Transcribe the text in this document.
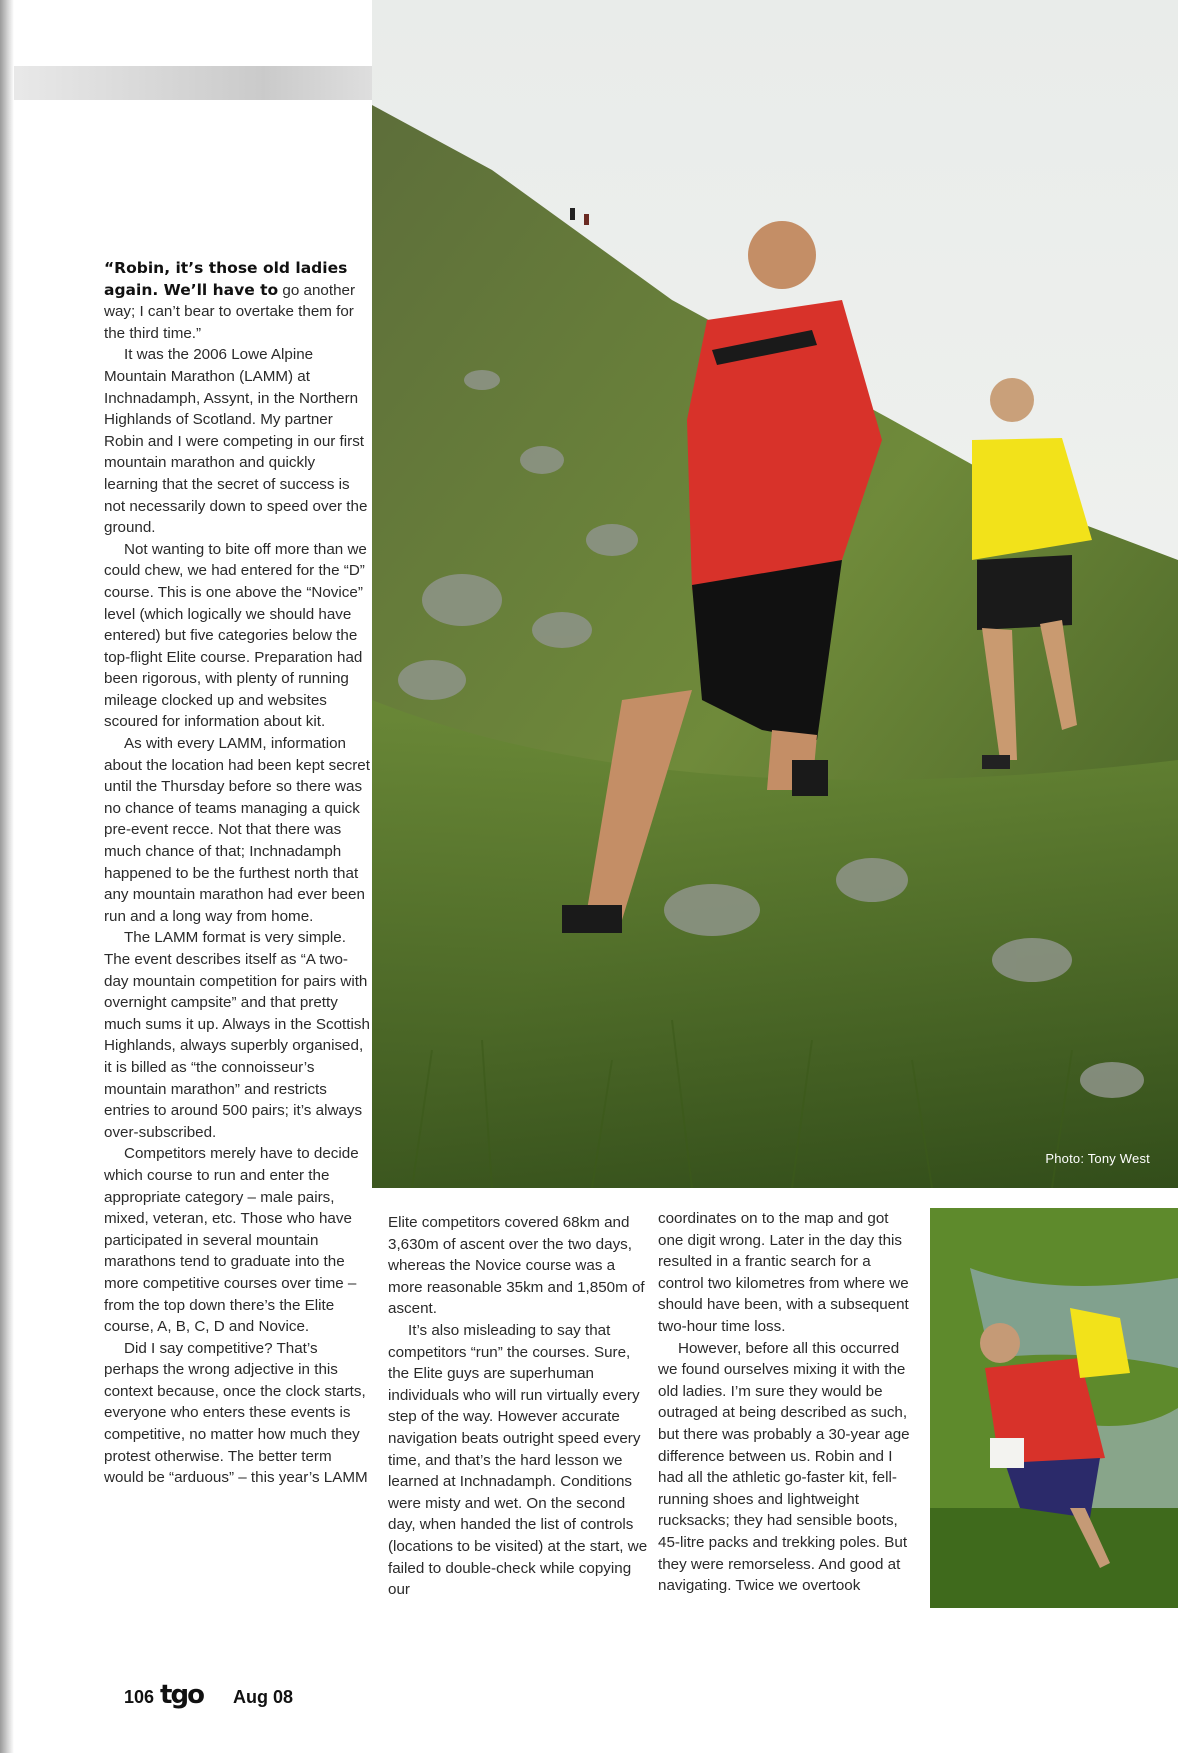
Photo: Tony West

“Robin, it’s those old ladies again. We’ll have to go another way; I can’t bear to overtake them for the third time.”

It was the 2006 Lowe Alpine Mountain Marathon (LAMM) at Inchnadamph, Assynt, in the Northern Highlands of Scotland. My partner Robin and I were competing in our first mountain marathon and quickly learning that the secret of success is not necessarily down to speed over the ground.

Not wanting to bite off more than we could chew, we had entered for the “D” course. This is one above the “Novice” level (which logically we should have entered) but five categories below the top-flight Elite course. Preparation had been rigorous, with plenty of running mileage clocked up and websites scoured for information about kit.

As with every LAMM, information about the location had been kept secret until the Thursday before so there was no chance of teams managing a quick pre-event recce. Not that there was much chance of that; Inchnadamph happened to be the furthest north that any mountain marathon had ever been run and a long way from home.

The LAMM format is very simple. The event describes itself as “A two-day mountain competition for pairs with overnight campsite” and that pretty much sums it up. Always in the Scottish Highlands, always superbly organised, it is billed as “the connoisseur’s mountain marathon” and restricts entries to around 500 pairs; it’s always over-subscribed.

Competitors merely have to decide which course to run and enter the appropriate category – male pairs, mixed, veteran, etc. Those who have participated in several mountain marathons tend to graduate into the more competitive courses over time – from the top down there’s the Elite course, A, B, C, D and Novice.

Did I say competitive? That’s perhaps the wrong adjective in this context because, once the clock starts, everyone who enters these events is competitive, no matter how much they protest otherwise. The better term would be “arduous” – this year’s LAMM

Elite competitors covered 68km and 3,630m of ascent over the two days, whereas the Novice course was a more reasonable 35km and 1,850m of ascent.

It’s also misleading to say that competitors “run” the courses. Sure, the Elite guys are superhuman individuals who will run virtually every step of the way. However accurate navigation beats outright speed every time, and that’s the hard lesson we learned at Inchnadamph. Conditions were misty and wet. On the second day, when handed the list of controls (locations to be visited) at the start, we failed to double-check while copying our

coordinates on to the map and got one digit wrong. Later in the day this resulted in a frantic search for a control two kilometres from where we should have been, with a subsequent two-hour time loss.

However, before all this occurred we found ourselves mixing it with the old ladies. I’m sure they would be outraged at being described as such, but there was probably a 30-year age difference between us. Robin and I had all the athletic go-faster kit, fell-running shoes and lightweight rucksacks; they had sensible boots, 45-litre packs and trekking poles. But they were remorseless. And good at navigating. Twice we overtook

106 tgo Aug 08
